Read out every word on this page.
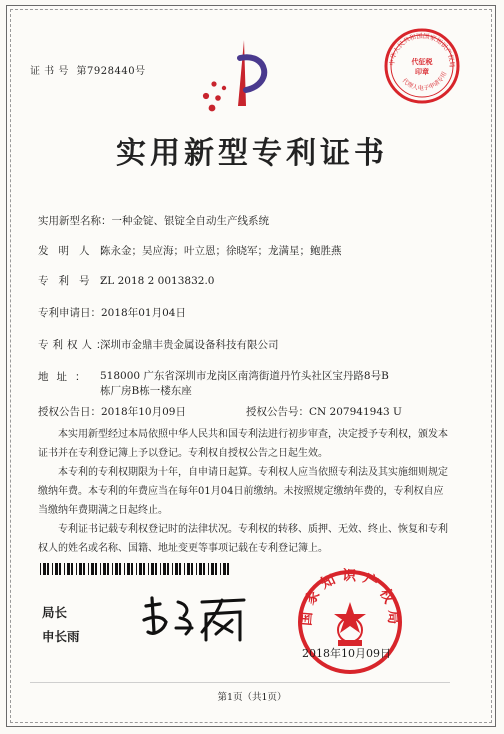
证 书 号 第7928440号
中华人民共和国国家知识产权局
代理人电子申请专用
代征税
印章
实用新型专利证书
实用新型名称：一种金锭、银锭全自动生产线系统
发明人：陈永金；吴应海；叶立恩；徐晓军；龙满星；鲍胜燕
专利号：ZL 2018 2 0013832.0
专利申请日：2018年01月04日
专利权人：深圳市金鼎丰贵金属设备科技有限公司
地址： 518000 广东省深圳市龙岗区南湾街道丹竹头社区宝丹路8号B栋厂房B栋一楼东座
授权公告日：2018年10月09日	授权公告号：CN 207941943 U

本实用新型经过本局依照中华人民共和国专利法进行初步审查，决定授予专利权，颁发本证书并在专利登记簿上予以登记。专利权自授权公告之日起生效。

本专利的专利权期限为十年，自申请日起算。专利权人应当依照专利法及其实施细则规定缴纳年费。本专利的年费应当在每年01月04日前缴纳。未按照规定缴纳年费的，专利权自应当缴纳年费期满之日起终止。

专利证书记载专利权登记时的法律状况。专利权的转移、质押、无效、终止、恢复和专利权人的姓名或名称、国籍、地址变更等事项记载在专利登记簿上。

局长
申长雨
国家知识产权局
2018年10月09日
第1页（共1页）
